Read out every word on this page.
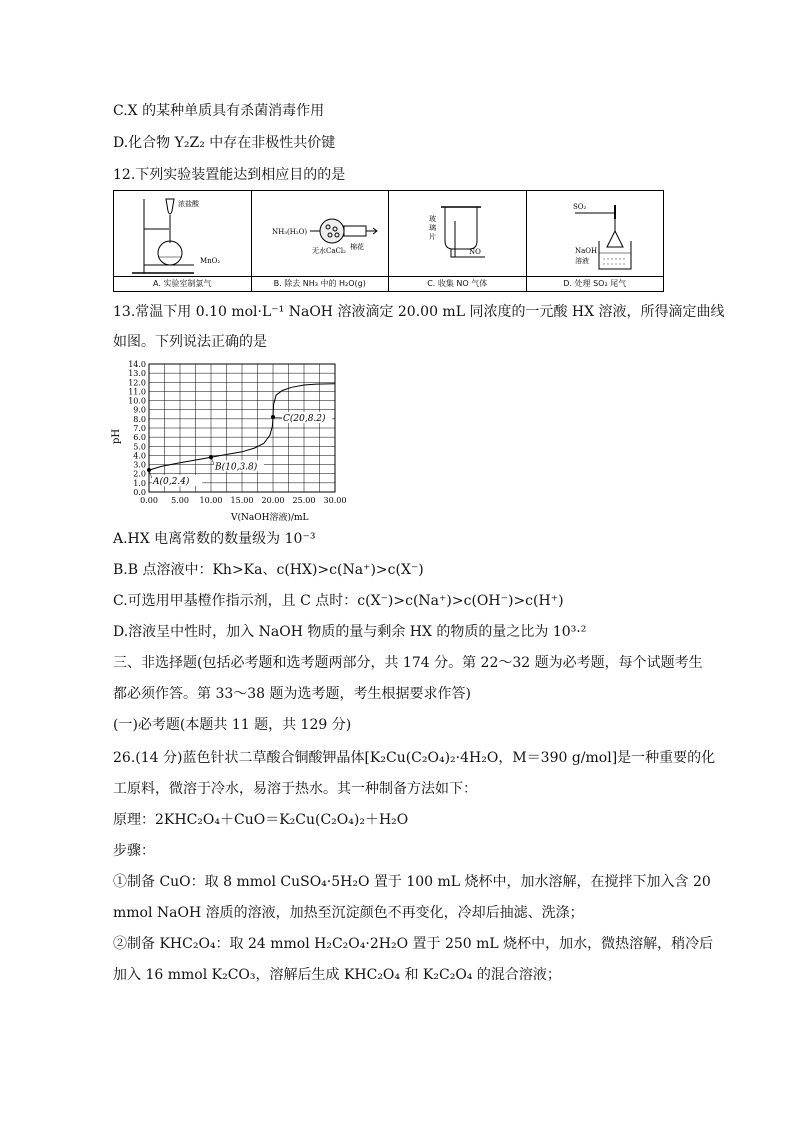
C.X 的某种单质具有杀菌消毒作用
D.化合物 Y₂Z₂ 中存在非极性共价键
12.下列实验装置能达到相应目的的是
浓盐酸
MnO₂
A. 实验室制氯气
NH₃(H₂O)
无水CaCl₂ 棉花
B. 除去 NH₃ 中的 H₂O(g)
玻
璃
片
NO
C. 收集 NO 气体
SO₂
NaOH
溶液
D. 处理 SO₂ 尾气
13.常温下用 0.10 mol·L⁻¹ NaOH 溶液滴定 20.00 mL 同浓度的一元酸 HX 溶液，所得滴定曲线
如图。下列说法正确的是
0.0
1.0
2.0
3.0
4.0
5.0
6.0
7.0
8.0
9.0
10.0
11.0
12.0
13.0
14.0
0.00 5.00 10.00 15.00 20.00 25.00 30.00
A(0,2.4)
B(10,3.8)
C(20,8.2)
pH
V(NaOH溶液)/mL
A.HX 电离常数的数量级为 10⁻³
B.B 点溶液中：Kh>Ka、c(HX)>c(Na⁺)>c(X⁻)
C.可选用甲基橙作指示剂，且 C 点时：c(X⁻)>c(Na⁺)>c(OH⁻)>c(H⁺)
D.溶液呈中性时，加入 NaOH 物质的量与剩余 HX 的物质的量之比为 10³·²
三、非选择题(包括必考题和选考题两部分，共 174 分。第 22～32 题为必考题，每个试题考生
都必须作答。第 33～38 题为选考题，考生根据要求作答)
(一)必考题(本题共 11 题，共 129 分)
26.(14 分)蓝色针状二草酸合铜酸钾晶体[K₂Cu(C₂O₄)₂·4H₂O，M＝390 g/mol]是一种重要的化
工原料，微溶于冷水，易溶于热水。其一种制备方法如下：
原理：2KHC₂O₄＋CuO＝K₂Cu(C₂O₄)₂＋H₂O
步骤：
①制备 CuO：取 8 mmol CuSO₄·5H₂O 置于 100 mL 烧杯中，加水溶解，在搅拌下加入含 20
mmol NaOH 溶质的溶液，加热至沉淀颜色不再变化，冷却后抽滤、洗涤；
②制备 KHC₂O₄：取 24 mmol H₂C₂O₄·2H₂O 置于 250 mL 烧杯中，加水，微热溶解，稍冷后
加入 16 mmol K₂CO₃，溶解后生成 KHC₂O₄ 和 K₂C₂O₄ 的混合溶液；
